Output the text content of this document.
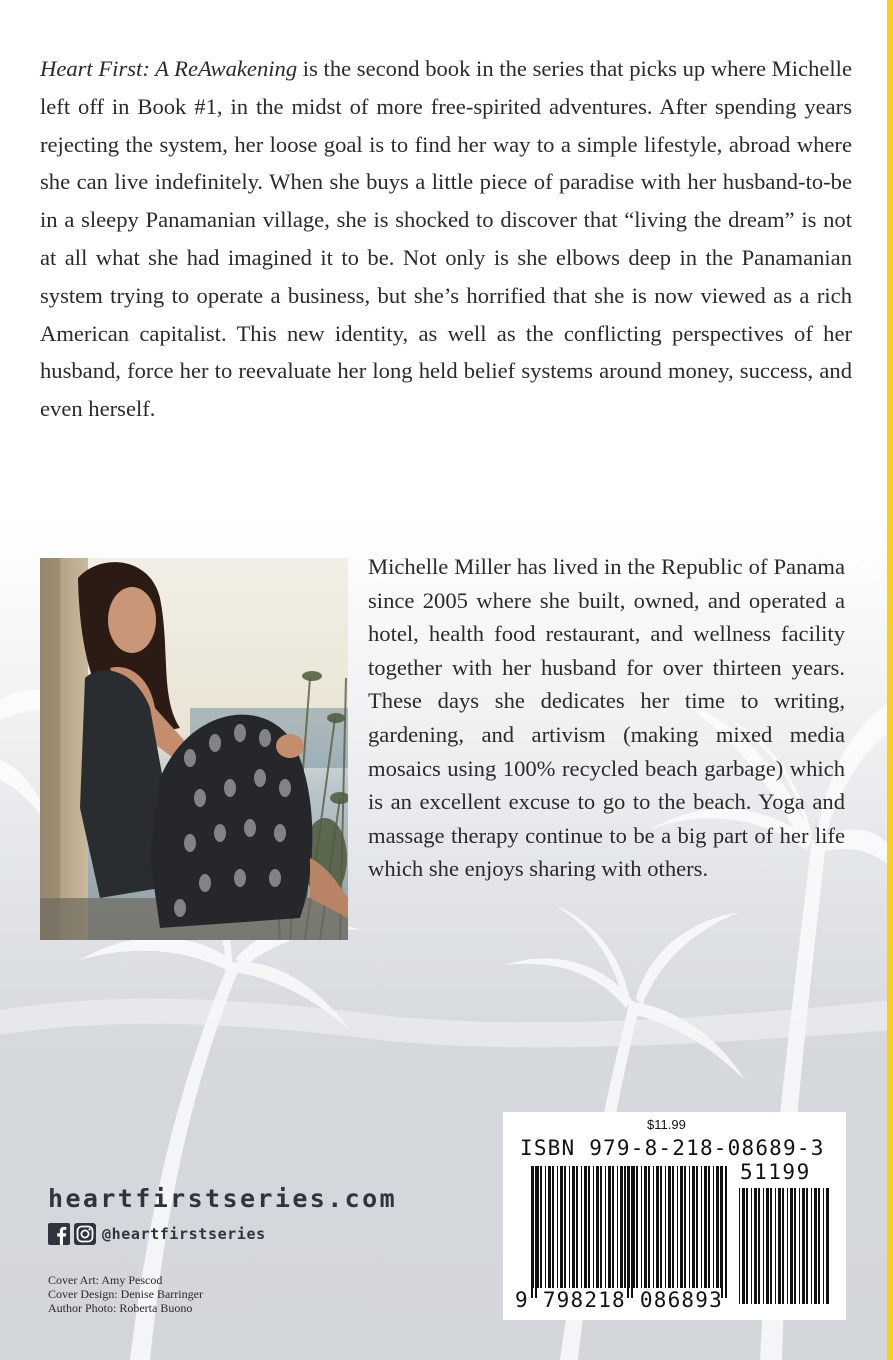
Heart First: A ReAwakening is the second book in the series that picks up where Michelle left off in Book #1, in the midst of more free-spirited adventures. After spending years rejecting the system, her loose goal is to find her way to a simple lifestyle, abroad where she can live indefinitely. When she buys a little piece of paradise with her husband-to-be in a sleepy Panamanian village, she is shocked to discover that “living the dream” is not at all what she had imagined it to be. Not only is she elbows deep in the Panamanian system trying to operate a business, but she’s horrified that she is now viewed as a rich American capitalist. This new identity, as well as the conflicting perspectives of her husband, force her to reevaluate her long held belief systems around money, success, and even herself.

Michelle Miller has lived in the Republic of Panama since 2005 where she built, owned, and operated a hotel, health food restaurant, and wellness facility together with her husband for over thirteen years. These days she dedicates her time to writing, gardening, and artivism (making mixed media mosaics using 100% recycled beach garbage) which is an excellent excuse to go to the beach. Yoga and massage therapy continue to be a big part of her life which she enjoys sharing with others.

heartfirstseries.com
@heartfirstseries
Cover Art: Amy Pescod
Cover Design: Denise Barringer
Author Photo: Roberta Buono
$11.99
ISBN 979-8-218-08689-3
51199
9 798218 086893
